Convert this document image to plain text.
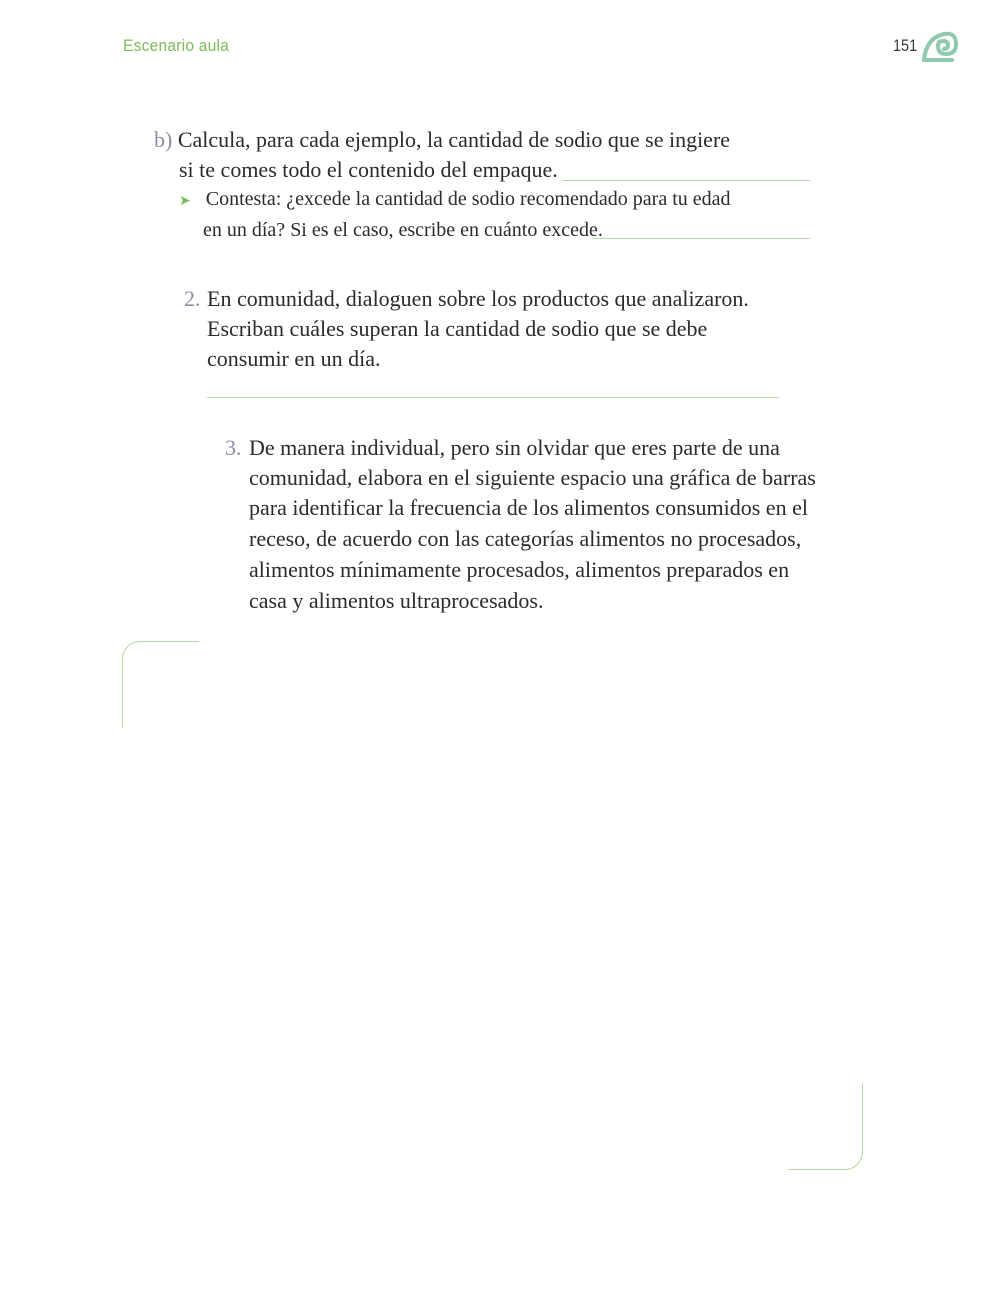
Escenario aula	151
b) Calcula, para cada ejemplo, la cantidad de sodio que se ingiere
si te comes todo el contenido del empaque.
➤ Contesta: ¿excede la cantidad de sodio recomendado para tu edad
en un día? Si es el caso, escribe en cuánto excede.
2. En comunidad, dialoguen sobre los productos que analizaron.
Escriban cuáles superan la cantidad de sodio que se debe
consumir en un día.
3. De manera individual, pero sin olvidar que eres parte de una
comunidad, elabora en el siguiente espacio una gráfica de barras
para identificar la frecuencia de los alimentos consumidos en el
receso, de acuerdo con las categorías alimentos no procesados,
alimentos mínimamente procesados, alimentos preparados en
casa y alimentos ultraprocesados.
